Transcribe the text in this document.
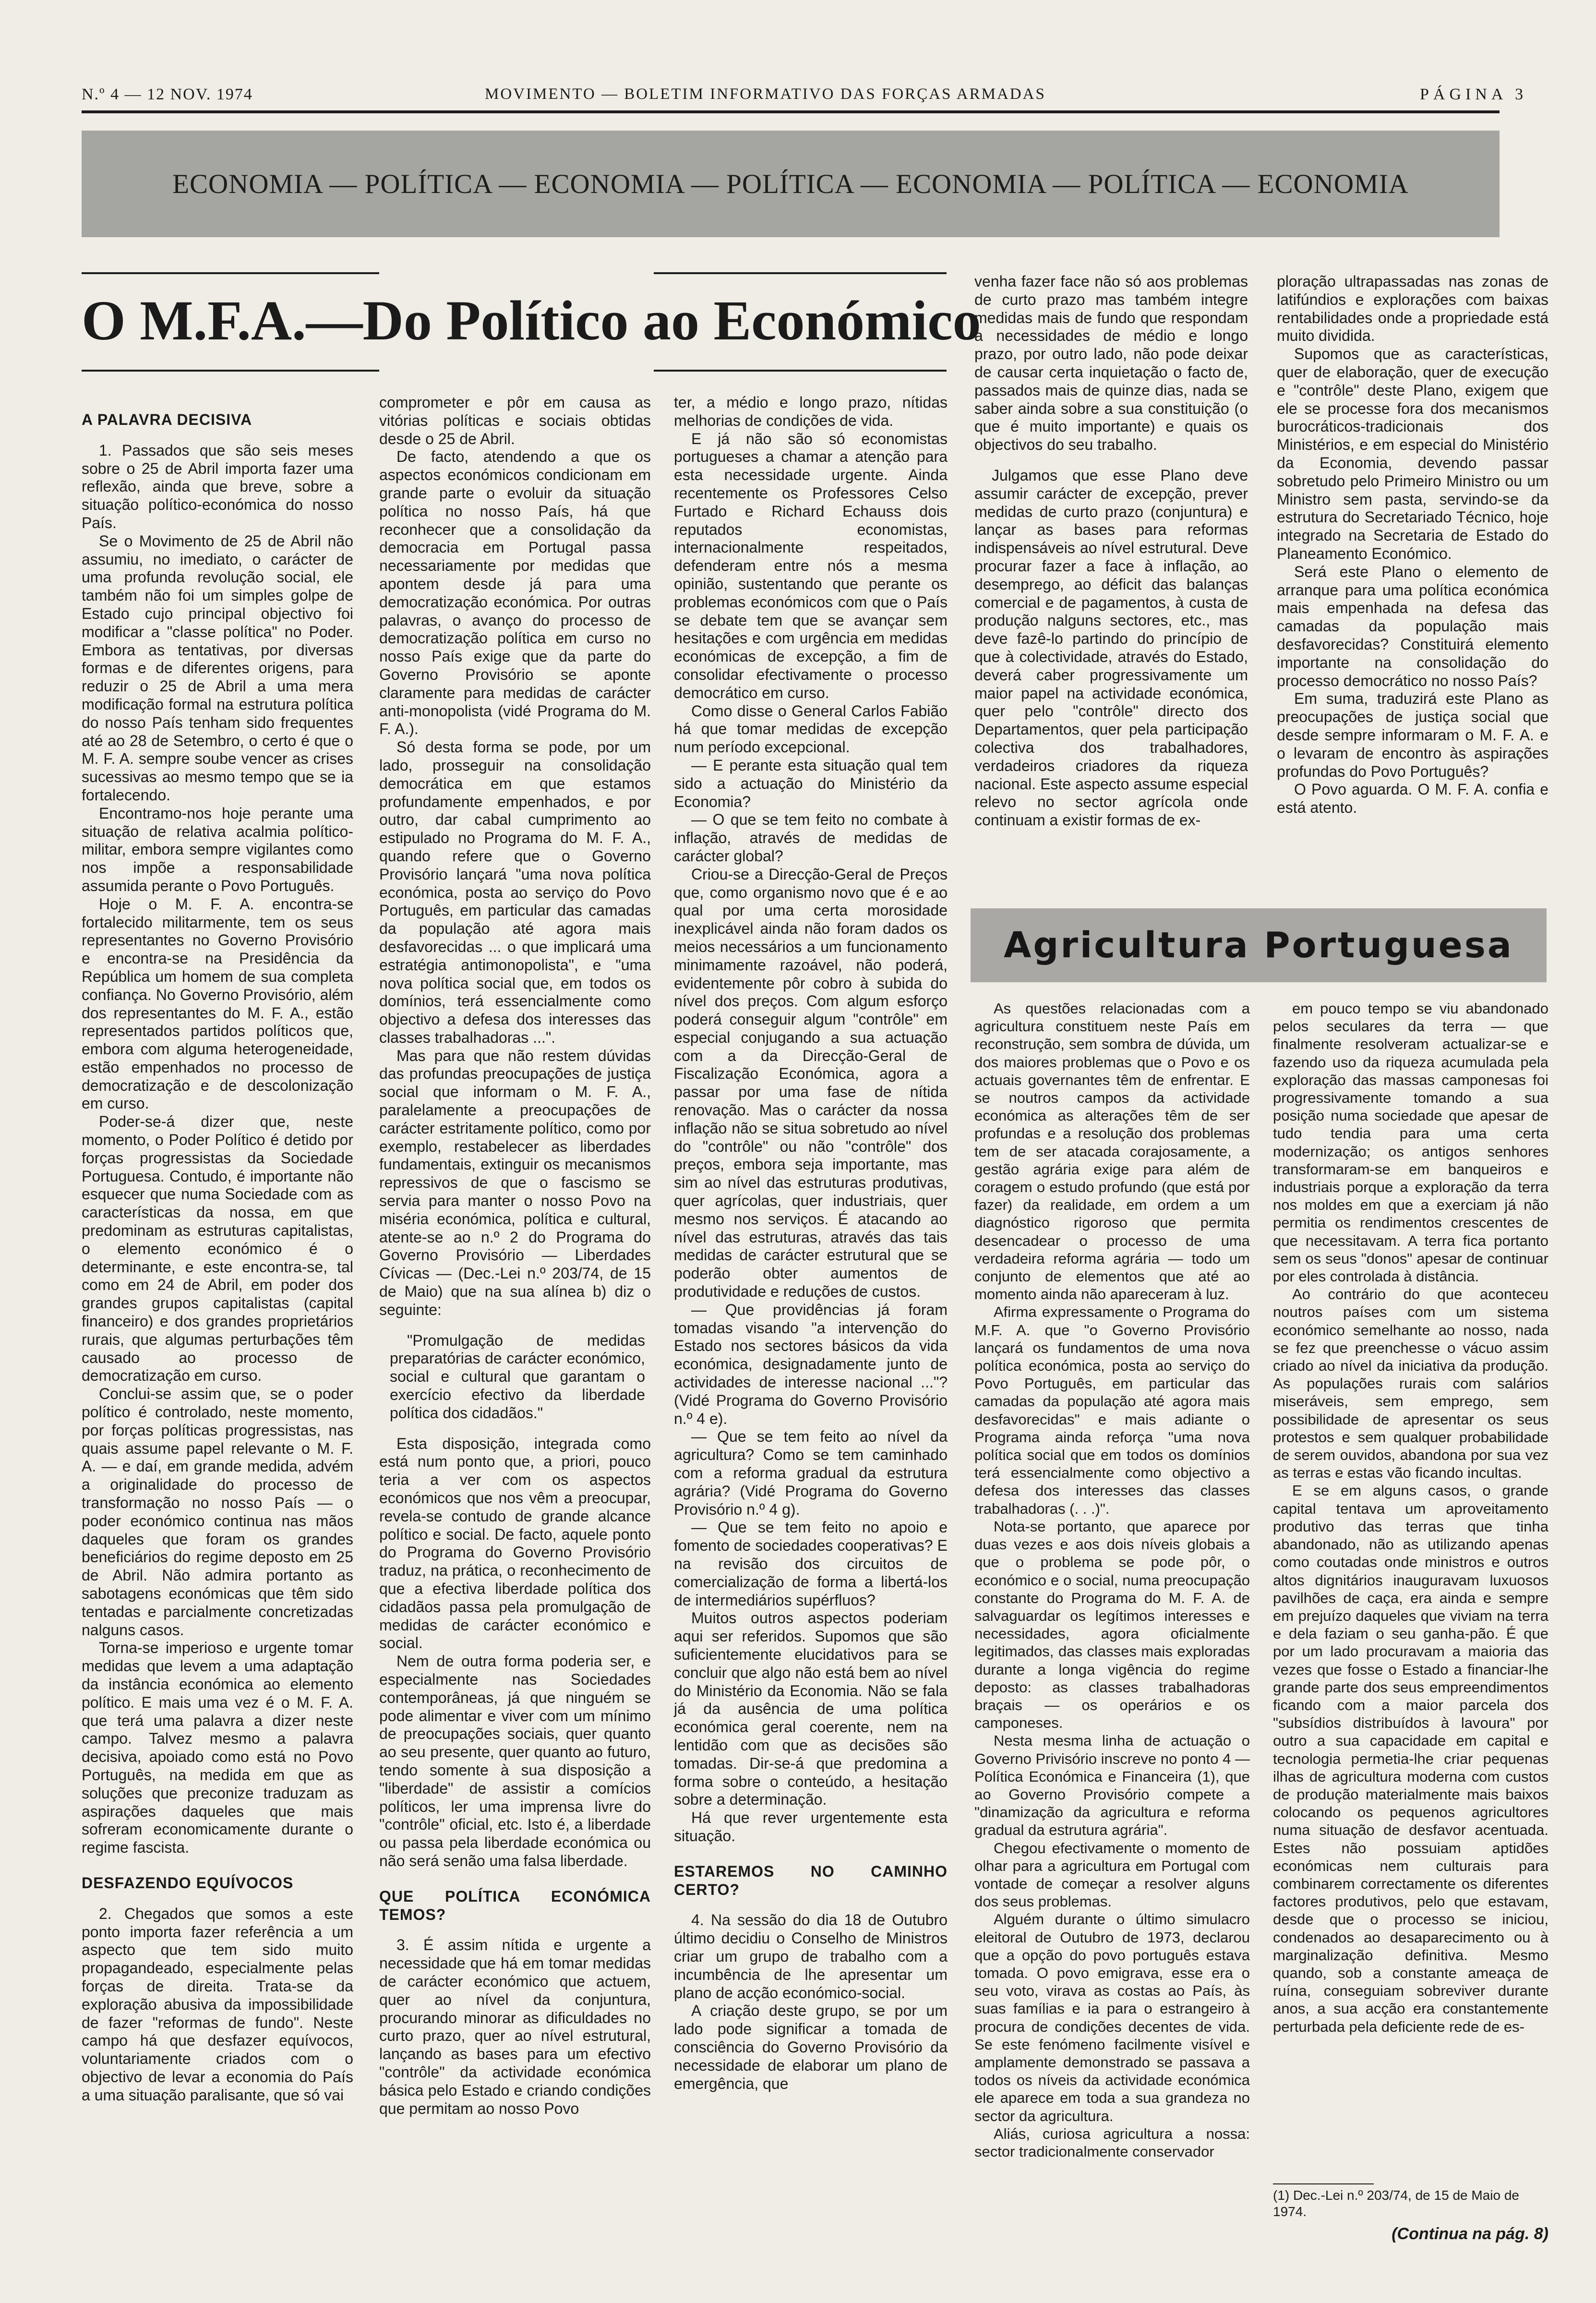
N.º 4 — 12 NOV. 1974	MOVIMENTO — BOLETIM INFORMATIVO DAS FORÇAS ARMADAS	PÁGINA 3
ECONOMIA — POLÍTICA — ECONOMIA — POLÍTICA — ECONOMIA — POLÍTICA — ECONOMIA
O M.F.A.—Do Político ao Económico

A PALAVRA DECISIVA

1. Passados que são seis meses sobre o 25 de Abril importa fazer uma reflexão, ainda que breve, sobre a situação político-económica do nosso País.

Se o Movimento de 25 de Abril não assumiu, no imediato, o carácter de uma profunda revolução social, ele também não foi um simples golpe de Estado cujo principal objectivo foi modificar a "classe política" no Poder. Embora as tentativas, por diversas formas e de diferentes origens, para reduzir o 25 de Abril a uma mera modificação formal na estrutura política do nosso País tenham sido frequentes até ao 28 de Setembro, o certo é que o M. F. A. sempre soube vencer as crises sucessivas ao mesmo tempo que se ia fortalecendo.

Encontramo-nos hoje perante uma situação de relativa acalmia político-militar, embora sempre vigilantes como nos impõe a responsabilidade assumida perante o Povo Português.

Hoje o M. F. A. encontra-se fortalecido militarmente, tem os seus representantes no Governo Provisório e encontra-se na Presidência da República um homem de sua completa confiança. No Governo Provisório, além dos representantes do M. F. A., estão representados partidos políticos que, embora com alguma heterogeneidade, estão empenhados no processo de democratização e de descolonização em curso.

Poder-se-á dizer que, neste momento, o Poder Político é detido por forças progressistas da Sociedade Portuguesa. Contudo, é importante não esquecer que numa Sociedade com as características da nossa, em que predominam as estruturas capitalistas, o elemento económico é o determinante, e este encontra-se, tal como em 24 de Abril, em poder dos grandes grupos capitalistas (capital financeiro) e dos grandes proprietários rurais, que algumas perturbações têm causado ao processo de democratização em curso.

Conclui-se assim que, se o poder político é controlado, neste momento, por forças políticas progressistas, nas quais assume papel relevante o M. F. A. — e daí, em grande medida, advém a originalidade do processo de transformação no nosso País — o poder económico continua nas mãos daqueles que foram os grandes beneficiários do regime deposto em 25 de Abril. Não admira portanto as sabotagens económicas que têm sido tentadas e parcialmente concretizadas nalguns casos.

Torna-se imperioso e urgente tomar medidas que levem a uma adaptação da instância económica ao elemento político. E mais uma vez é o M. F. A. que terá uma palavra a dizer neste campo. Talvez mesmo a palavra decisiva, apoiado como está no Povo Português, na medida em que as soluções que preconize traduzam as aspirações daqueles que mais sofreram economicamente durante o regime fascista.

DESFAZENDO EQUÍVOCOS

2. Chegados que somos a este ponto importa fazer referência a um aspecto que tem sido muito propagandeado, especialmente pelas forças de direita. Trata-se da exploração abusiva da impossibilidade de fazer "reformas de fundo". Neste campo há que desfazer equívocos, voluntariamente criados com o objectivo de levar a economia do País a uma situação paralisante, que só vai

comprometer e pôr em causa as vitórias políticas e sociais obtidas desde o 25 de Abril.

De facto, atendendo a que os aspectos económicos condicionam em grande parte o evoluir da situação política no nosso País, há que reconhecer que a consolidação da democracia em Portugal passa necessariamente por medidas que apontem desde já para uma democratização económica. Por outras palavras, o avanço do processo de democratização política em curso no nosso País exige que da parte do Governo Provisório se aponte claramente para medidas de carácter anti-monopolista (vidé Programa do M. F. A.).

Só desta forma se pode, por um lado, prosseguir na consolidação democrática em que estamos profundamente empenhados, e por outro, dar cabal cumprimento ao estipulado no Programa do M. F. A., quando refere que o Governo Provisório lançará "uma nova política económica, posta ao serviço do Povo Português, em particular das camadas da população até agora mais desfavorecidas ... o que implicará uma estratégia antimonopolista", e "uma nova política social que, em todos os domínios, terá essencialmente como objectivo a defesa dos interesses das classes trabalhadoras ...".

Mas para que não restem dúvidas das profundas preocupações de justiça social que informam o M. F. A., paralelamente a preocupações de carácter estritamente político, como por exemplo, restabelecer as liberdades fundamentais, extinguir os mecanismos repressivos de que o fascismo se servia para manter o nosso Povo na miséria económica, política e cultural, atente-se ao n.º 2 do Programa do Governo Provisório — Liberdades Cívicas — (Dec.-Lei n.º 203/74, de 15 de Maio) que na sua alínea b) diz o seguinte:

"Promulgação de medidas preparatórias de carácter económico, social e cultural que garantam o exercício efectivo da liberdade política dos cidadãos."

Esta disposição, integrada como está num ponto que, a priori, pouco teria a ver com os aspectos económicos que nos vêm a preocupar, revela-se contudo de grande alcance político e social. De facto, aquele ponto do Programa do Governo Provisório traduz, na prática, o reconhecimento de que a efectiva liberdade política dos cidadãos passa pela promulgação de medidas de carácter económico e social.

Nem de outra forma poderia ser, e especialmente nas Sociedades contemporâneas, já que ninguém se pode alimentar e viver com um mínimo de preocupações sociais, quer quanto ao seu presente, quer quanto ao futuro, tendo somente à sua disposição a "liberdade" de assistir a comícios políticos, ler uma imprensa livre do "contrôle" oficial, etc. Isto é, a liberdade ou passa pela liberdade económica ou não será senão uma falsa liberdade.

QUE POLÍTICA ECONÓMICA TEMOS?

3. É assim nítida e urgente a necessidade que há em tomar medidas de carácter económico que actuem, quer ao nível da conjuntura, procurando minorar as dificuldades no curto prazo, quer ao nível estrutural, lançando as bases para um efectivo "contrôle" da actividade económica básica pelo Estado e criando condições que permitam ao nosso Povo

ter, a médio e longo prazo, nítidas melhorias de condições de vida.

E já não são só economistas portugueses a chamar a atenção para esta necessidade urgente. Ainda recentemente os Professores Celso Furtado e Richard Echauss dois reputados economistas, internacionalmente respeitados, defenderam entre nós a mesma opinião, sustentando que perante os problemas económicos com que o País se debate tem que se avançar sem hesitações e com urgência em medidas económicas de excepção, a fim de consolidar efectivamente o processo democrático em curso.

Como disse o General Carlos Fabião há que tomar medidas de excepção num período excepcional.

— E perante esta situação qual tem sido a actuação do Ministério da Economia?

— O que se tem feito no combate à inflação, através de medidas de carácter global?

Criou-se a Direcção-Geral de Preços que, como organismo novo que é e ao qual por uma certa morosidade inexplicável ainda não foram dados os meios necessários a um funcionamento minimamente razoável, não poderá, evidentemente pôr cobro à subida do nível dos preços. Com algum esforço poderá conseguir algum "contrôle" em especial conjugando a sua actuação com a da Direcção-Geral de Fiscalização Económica, agora a passar por uma fase de nítida renovação. Mas o carácter da nossa inflação não se situa sobretudo ao nível do "contrôle" ou não "contrôle" dos preços, embora seja importante, mas sim ao nível das estruturas produtivas, quer agrícolas, quer industriais, quer mesmo nos serviços. É atacando ao nível das estruturas, através das tais medidas de carácter estrutural que se poderão obter aumentos de produtividade e reduções de custos.

— Que providências já foram tomadas visando "a intervenção do Estado nos sectores básicos da vida económica, designadamente junto de actividades de interesse nacional ..."? (Vidé Programa do Governo Provisório n.º 4 e).

— Que se tem feito ao nível da agricultura? Como se tem caminhado com a reforma gradual da estrutura agrária? (Vidé Programa do Governo Provisório n.º 4 g).

— Que se tem feito no apoio e fomento de sociedades cooperativas? E na revisão dos circuitos de comercialização de forma a libertá-los de intermediários supérfluos?

Muitos outros aspectos poderiam aqui ser referidos. Supomos que são suficientemente elucidativos para se concluir que algo não está bem ao nível do Ministério da Economia. Não se fala já da ausência de uma política económica geral coerente, nem na lentidão com que as decisões são tomadas. Dir-se-á que predomina a forma sobre o conteúdo, a hesitação sobre a determinação.

Há que rever urgentemente esta situação.

ESTAREMOS NO CAMINHO CERTO?

4. Na sessão do dia 18 de Outubro último decidiu o Conselho de Ministros criar um grupo de trabalho com a incumbência de lhe apresentar um plano de acção económico-social.

A criação deste grupo, se por um lado pode significar a tomada de consciência do Governo Provisório da necessidade de elaborar um plano de emergência, que

venha fazer face não só aos problemas de curto prazo mas também integre medidas mais de fundo que respondam a necessidades de médio e longo prazo, por outro lado, não pode deixar de causar certa inquietação o facto de, passados mais de quinze dias, nada se saber ainda sobre a sua constituição (o que é muito importante) e quais os objectivos do seu trabalho.

Julgamos que esse Plano deve assumir carácter de excepção, prever medidas de curto prazo (conjuntura) e lançar as bases para reformas indispensáveis ao nível estrutural. Deve procurar fazer a face à inflação, ao desemprego, ao déficit das balanças comercial e de pagamentos, à custa de produção nalguns sectores, etc., mas deve fazê-lo partindo do princípio de que à colectividade, através do Estado, deverá caber progressivamente um maior papel na actividade económica, quer pelo "contrôle" directo dos Departamentos, quer pela participação colectiva dos trabalhadores, verdadeiros criadores da riqueza nacional. Este aspecto assume especial relevo no sector agrícola onde continuam a existir formas de ex-

ploração ultrapassadas nas zonas de latifúndios e explorações com baixas rentabilidades onde a propriedade está muito dividida.

Supomos que as características, quer de elaboração, quer de execução e "contrôle" deste Plano, exigem que ele se processe fora dos mecanismos burocráticos-tradicionais dos Ministérios, e em especial do Ministério da Economia, devendo passar sobretudo pelo Primeiro Ministro ou um Ministro sem pasta, servindo-se da estrutura do Secretariado Técnico, hoje integrado na Secretaria de Estado do Planeamento Económico.

Será este Plano o elemento de arranque para uma política económica mais empenhada na defesa das camadas da população mais desfavorecidas? Constituirá elemento importante na consolidação do processo democrático no nosso País?

Em suma, traduzirá este Plano as preocupações de justiça social que desde sempre informaram o M. F. A. e o levaram de encontro às aspirações profundas do Povo Português?

O Povo aguarda. O M. F. A. confia e está atento.

Agricultura Portuguesa

As questões relacionadas com a agricultura constituem neste País em reconstrução, sem sombra de dúvida, um dos maiores problemas que o Povo e os actuais governantes têm de enfrentar. E se noutros campos da actividade económica as alterações têm de ser profundas e a resolução dos problemas tem de ser atacada corajosamente, a gestão agrária exige para além de coragem o estudo profundo (que está por fazer) da realidade, em ordem a um diagnóstico rigoroso que permita desencadear o processo de uma verdadeira reforma agrária — todo um conjunto de elementos que até ao momento ainda não apareceram à luz.

Afirma expressamente o Programa do M.F. A. que "o Governo Provisório lançará os fundamentos de uma nova política económica, posta ao serviço do Povo Português, em particular das camadas da população até agora mais desfavorecidas" e mais adiante o Programa ainda reforça "uma nova política social que em todos os domínios terá essencialmente como objectivo a defesa dos interesses das classes trabalhadoras (. . .)".

Nota-se portanto, que aparece por duas vezes e aos dois níveis globais a que o problema se pode pôr, o económico e o social, numa preocupação constante do Programa do M. F. A. de salvaguardar os legítimos interesses e necessidades, agora oficialmente legitimados, das classes mais exploradas durante a longa vigência do regime deposto: as classes trabalhadoras braçais — os operários e os camponeses.

Nesta mesma linha de actuação o Governo Privisório inscreve no ponto 4 — Política Económica e Financeira (1), que ao Governo Provisório compete a "dinamização da agricultura e reforma gradual da estrutura agrária".

Chegou efectivamente o momento de olhar para a agricultura em Portugal com vontade de começar a resolver alguns dos seus problemas.

Alguém durante o último simulacro eleitoral de Outubro de 1973, declarou que a opção do povo português estava tomada. O povo emigrava, esse era o seu voto, virava as costas ao País, às suas famílias e ia para o estrangeiro à procura de condições decentes de vida. Se este fenómeno facilmente visível e amplamente demonstrado se passava a todos os níveis da actividade económica ele aparece em toda a sua grandeza no sector da agricultura.

Aliás, curiosa agricultura a nossa: sector tradicionalmente conservador

em pouco tempo se viu abandonado pelos seculares da terra — que finalmente resolveram actualizar-se e fazendo uso da riqueza acumulada pela exploração das massas camponesas foi progressivamente tomando a sua posição numa sociedade que apesar de tudo tendia para uma certa modernização; os antigos senhores transformaram-se em banqueiros e industriais porque a exploração da terra nos moldes em que a exerciam já não permitia os rendimentos crescentes de que necessitavam. A terra fica portanto sem os seus "donos" apesar de continuar por eles controlada à distância.

Ao contrário do que aconteceu noutros países com um sistema económico semelhante ao nosso, nada se fez que preenchesse o vácuo assim criado ao nível da iniciativa da produção. As populações rurais com salários miseráveis, sem emprego, sem possibilidade de apresentar os seus protestos e sem qualquer probabilidade de serem ouvidos, abandona por sua vez as terras e estas vão ficando incultas.

E se em alguns casos, o grande capital tentava um aproveitamento produtivo das terras que tinha abandonado, não as utilizando apenas como coutadas onde ministros e outros altos dignitários inauguravam luxuosos pavilhões de caça, era ainda e sempre em prejuízo daqueles que viviam na terra e dela faziam o seu ganha-pão. É que por um lado procuravam a maioria das vezes que fosse o Estado a financiar-lhe grande parte dos seus empreendimentos ficando com a maior parcela dos "subsídios distribuídos à lavoura" por outro a sua capacidade em capital e tecnologia permetia-lhe criar pequenas ilhas de agricultura moderna com custos de produção materialmente mais baixos colocando os pequenos agricultores numa situação de desfavor acentuada. Estes não possuiam aptidões económicas nem culturais para combinarem correctamente os diferentes factores produtivos, pelo que estavam, desde que o processo se iniciou, condenados ao desaparecimento ou à marginalização definitiva. Mesmo quando, sob a constante ameaça de ruína, conseguiam sobreviver durante anos, a sua acção era constantemente perturbada pela deficiente rede de es-

(1) Dec.-Lei n.º 203/74, de 15 de Maio de 1974.
(Continua na pág. 8)
